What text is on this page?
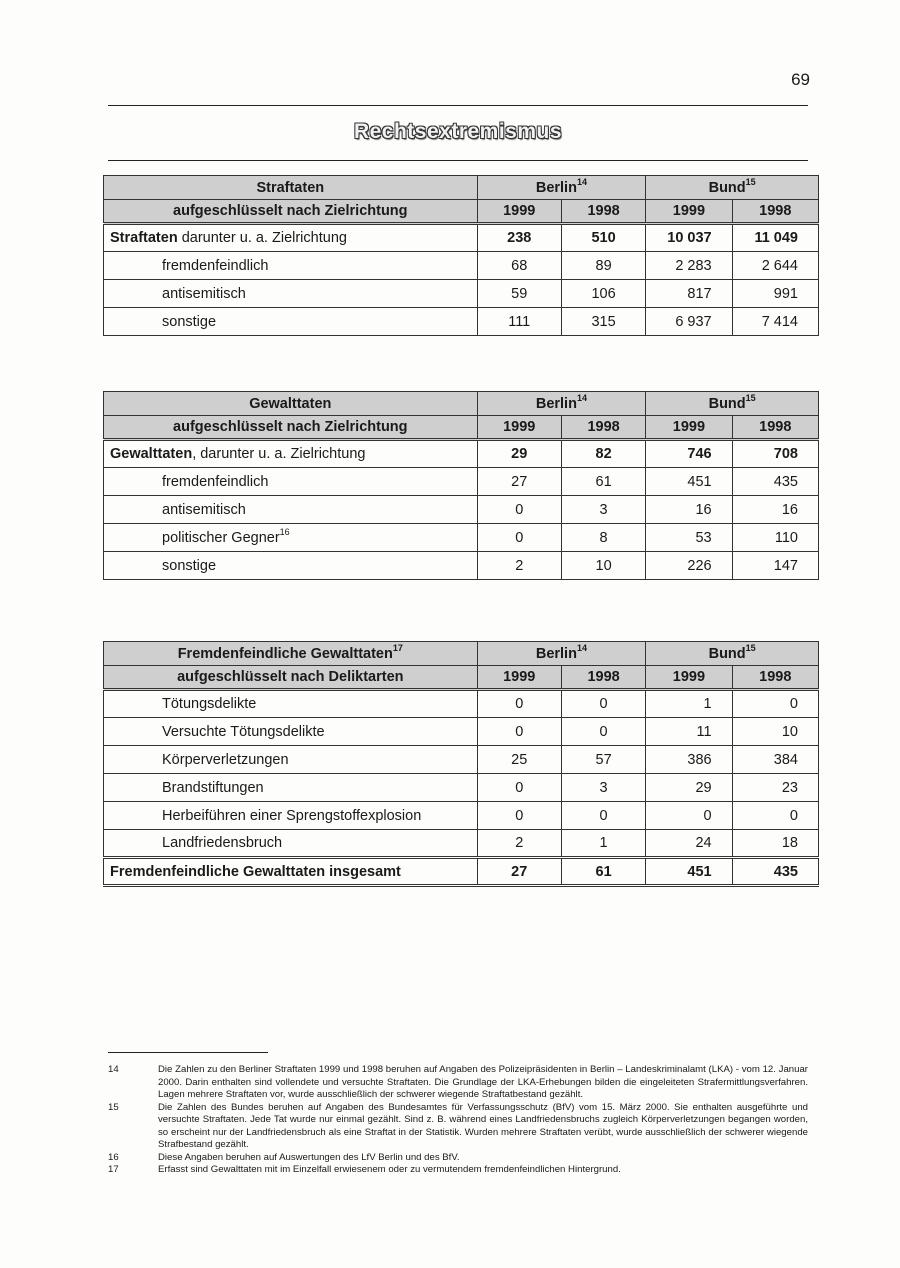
69
Rechtsextremismus
Straftaten	Berlin$^{14}$		Bund$^{15}$
aufgeschlüsselt nach Zielrichtung	1999	1998	1999	1998
Straftaten darunter u. a. Zielrichtung	238	510	10 037	11 049
fremdenfeindlich	68	89	2 283	2 644
antisemitisch	59	106	817	991
sonstige	111	315	6 937	7 414
Gewalttaten	Berlin$^{14}$		Bund$^{15}$
aufgeschlüsselt nach Zielrichtung	1999	1998	1999	1998
Gewalttaten, darunter u. a. Zielrichtung	29	82	746	708
fremdenfeindlich	27	61	451	435
antisemitisch	0	3	16	16
politischer Gegner$^{16}$	0	8	53	110
sonstige	2	10	226	147
Fremdenfeindliche Gewalttaten$^{17}$	Berlin$^{14}$		Bund$^{15}$
aufgeschlüsselt nach Deliktarten	1999	1998	1999	1998
Tötungsdelikte	0	0	1	0
Versuchte Tötungsdelikte	0	0	11	10
Körperverletzungen	25	57	386	384
Brandstiftungen	0	3	29	23
Herbeiführen einer Sprengstoffexplosion	0	0	0	0
Landfriedensbruch	2	1	24	18
Fremdenfeindliche Gewalttaten insgesamt	27	61	451	435
14	Die Zahlen zu den Berliner Straftaten 1999 und 1998 beruhen auf Angaben des Polizeipräsidenten in Berlin – Landeskriminalamt (LKA) - vom 12. Januar 2000. Darin enthalten sind vollendete und versuchte Straftaten. Die Grundlage der LKA-Erhebungen bilden die eingeleiteten Strafermittlungsverfahren. Lagen mehrere Straftaten vor, wurde ausschließlich der schwerer wiegende Straftatbestand gezählt.
15	Die Zahlen des Bundes beruhen auf Angaben des Bundesamtes für Verfassungsschutz (BfV) vom 15. März 2000. Sie enthalten ausgeführte und versuchte Straftaten. Jede Tat wurde nur einmal gezählt. Sind z. B. während eines Landfriedensbruchs zugleich Körperverletzungen begangen worden, so erscheint nur der Landfriedensbruch als eine Straftat in der Statistik. Wurden mehrere Straftaten verübt, wurde ausschließlich der schwerer wiegende Strafbestand gezählt.
16	Diese Angaben beruhen auf Auswertungen des LfV Berlin und des BfV.
17	Erfasst sind Gewalttaten mit im Einzelfall erwiesenem oder zu vermutendem fremdenfeindlichen Hintergrund.
